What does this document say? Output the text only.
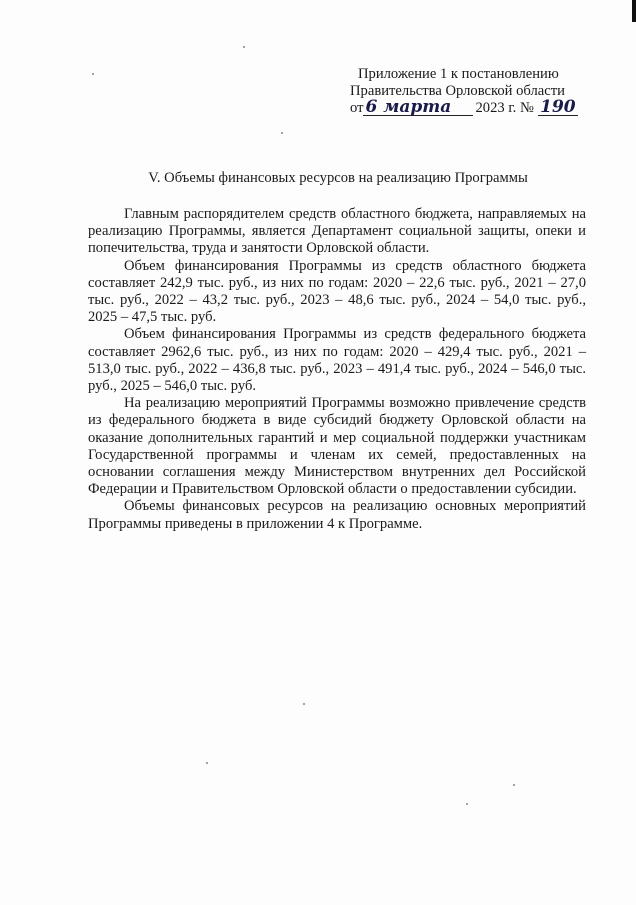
Приложение 1 к постановлению
Правительства Орловской области
от 6 марта	2023 г. № 190
V. Объемы финансовых ресурсов на реализацию Программы

Главным распорядителем средств областного бюджета, направляемых на реализацию Программы, является Департамент социальной защиты, опеки и попечительства, труда и занятости Орловской области.

Объем финансирования Программы из средств областного бюджета составляет 242,9 тыс. руб., из них по годам: 2020 – 22,6 тыс. руб., 2021 – 27,0 тыс. руб., 2022 – 43,2 тыс. руб., 2023 – 48,6 тыс. руб., 2024 – 54,0 тыс. руб., 2025 – 47,5 тыс. руб.

Объем финансирования Программы из средств федерального бюджета составляет 2962,6 тыс. руб., из них по годам: 2020 – 429,4 тыс. руб., 2021 – 513,0 тыс. руб., 2022 – 436,8 тыс. руб., 2023 – 491,4 тыс. руб., 2024 – 546,0 тыс. руб., 2025 – 546,0 тыс. руб.

На реализацию мероприятий Программы возможно привлечение средств из федерального бюджета в виде субсидий бюджету Орловской области на оказание дополнительных гарантий и мер социальной поддержки участникам Государственной программы и членам их семей, предоставленных на основании соглашения между Министерством внутренних дел Российской Федерации и Правительством Орловской области о предоставлении субсидии.

Объемы финансовых ресурсов на реализацию основных мероприятий Программы приведены в приложении 4 к Программе.
